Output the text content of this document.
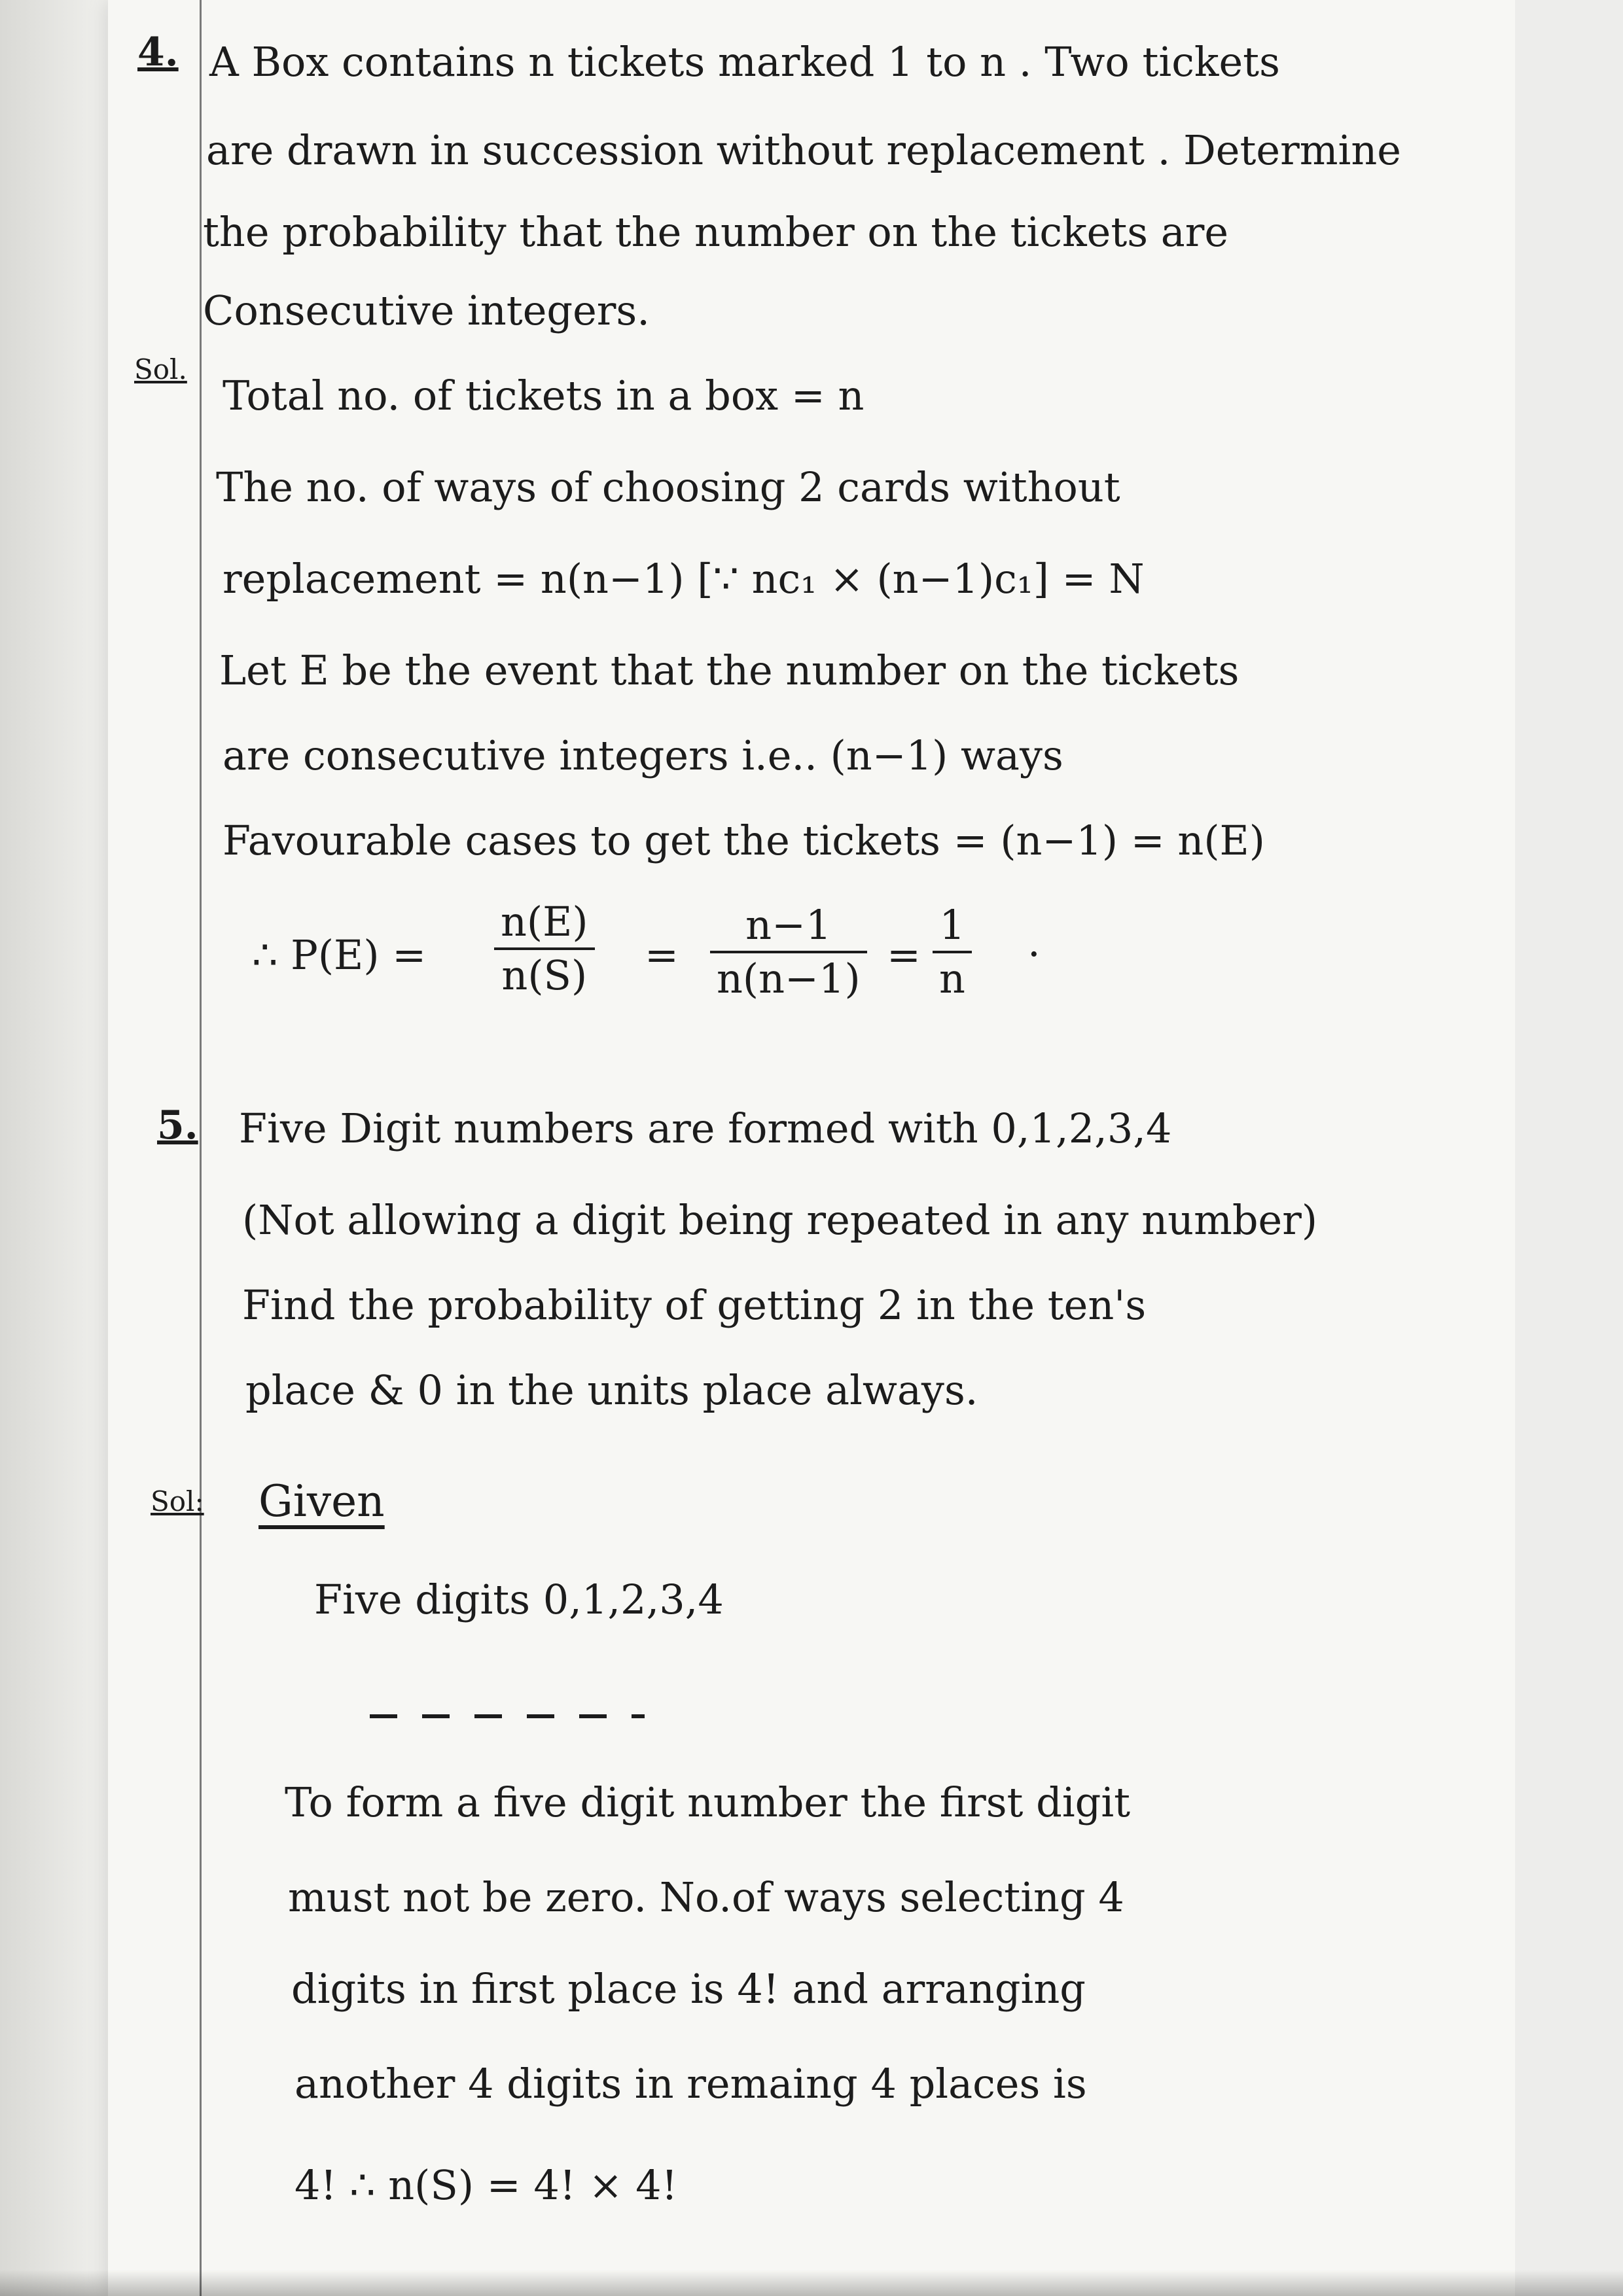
4. A Box contains n tickets marked 1 to n . Two tickets
are drawn in succession without replacement . Determine
the probability that the number on the tickets are
Consecutive integers.
Sol.
Total no. of tickets in a box = n
The no. of ways of choosing 2 cards without
replacement = n(n−1) [∵ nc₁ × (n−1)c₁] = N
Let E be the event that the number on the tickets
are consecutive integers i.e.. (n−1) ways
Favourable cases to get the tickets = (n−1) = n(E)
∴ P(E) =
n(E)
n(S) =
n−1
n(n−1) =
1
n
.
5. Five Digit numbers are formed with 0,1,2,3,4
(Not allowing a digit being repeated in any number)
Find the probability of getting 2 in the ten's
place & 0 in the units place always.
Sol: Given
Five digits 0,1,2,3,4
To form a five digit number the first digit
must not be zero. No.of ways selecting 4
digits in first place is 4! and arranging
another 4 digits in remaing 4 places is
4! ∴ n(S) = 4! × 4!
